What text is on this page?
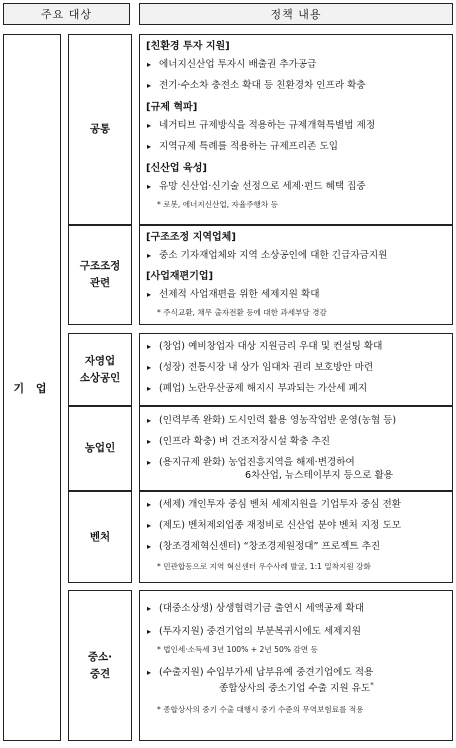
주요 대상	정책 내용
기 업
공통
구조조정
관련
자영업
소상공인
농업인
벤처
중소·
중견
[친환경 투자 지원]
▸ 에너지신산업 투자시 배출권 추가공급
▸ 전기·수소차 충전소 확대 등 친환경차 인프라 확충
[규제 혁파]
▸ 네거티브 규제방식을 적용하는 규제개혁특별법 제정
▸ 지역규제 특례를 적용하는 규제프리존 도입
[신산업 육성]
▸ 유망 신산업·신기술 선정으로 세제·펀드 혜택 집중
* 로봇, 에너지신산업, 자율주행차 등
[구조조정 지역업체]
▸ 중소 기자재업체와 지역 소상공인에 대한 긴급자금지원
[사업재편기업]
▸ 선제적 사업재편을 위한 세제지원 확대
* 주식교환, 채무 출자전환 등에 대한 과세부담 경감
▸ (창업) 예비창업자 대상 지원금리 우대 및 컨설팅 확대
▸ (성장) 전통시장 내 상가 임대차 권리 보호방안 마련
▸ (폐업) 노란우산공제 해지시 부과되는 가산세 폐지
▸ (인력부족 완화) 도시인력 활용 영농작업반 운영(농협 등)
▸ (인프라 확충) 벼 건조저장시설 확충 추진
▸ (용지규제 완화) 농업진흥지역을 해제·변경하여
6차산업, 뉴스테이부지 등으로 활용
▸ (세제) 개인투자 중심 벤처 세제지원을 기업투자 중심 전환
▸ (제도) 벤처제외업종 재정비로 신산업 분야 벤처 지정 도모
▸ (창조경제혁신센터) “창조경제원정대” 프로젝트 추진
* 민관합동으로 지역 혁신센터 우수사례 발굴, 1:1 밀착지원 강화
▸ (대중소상생) 상생협력기금 출연시 세액공제 확대
▸ (투자지원) 중견기업의 부분복귀시에도 세제지원
* 법인세·소득세 3년 100% + 2년 50% 감면 등
▸ (수출지원) 수입부가세 납부유예 중견기업에도 적용
종합상사의 중소기업 수출 지원 유도*
* 종합상사의 중기 수출 대행시 중기 수준의 무역보험료를 적용
